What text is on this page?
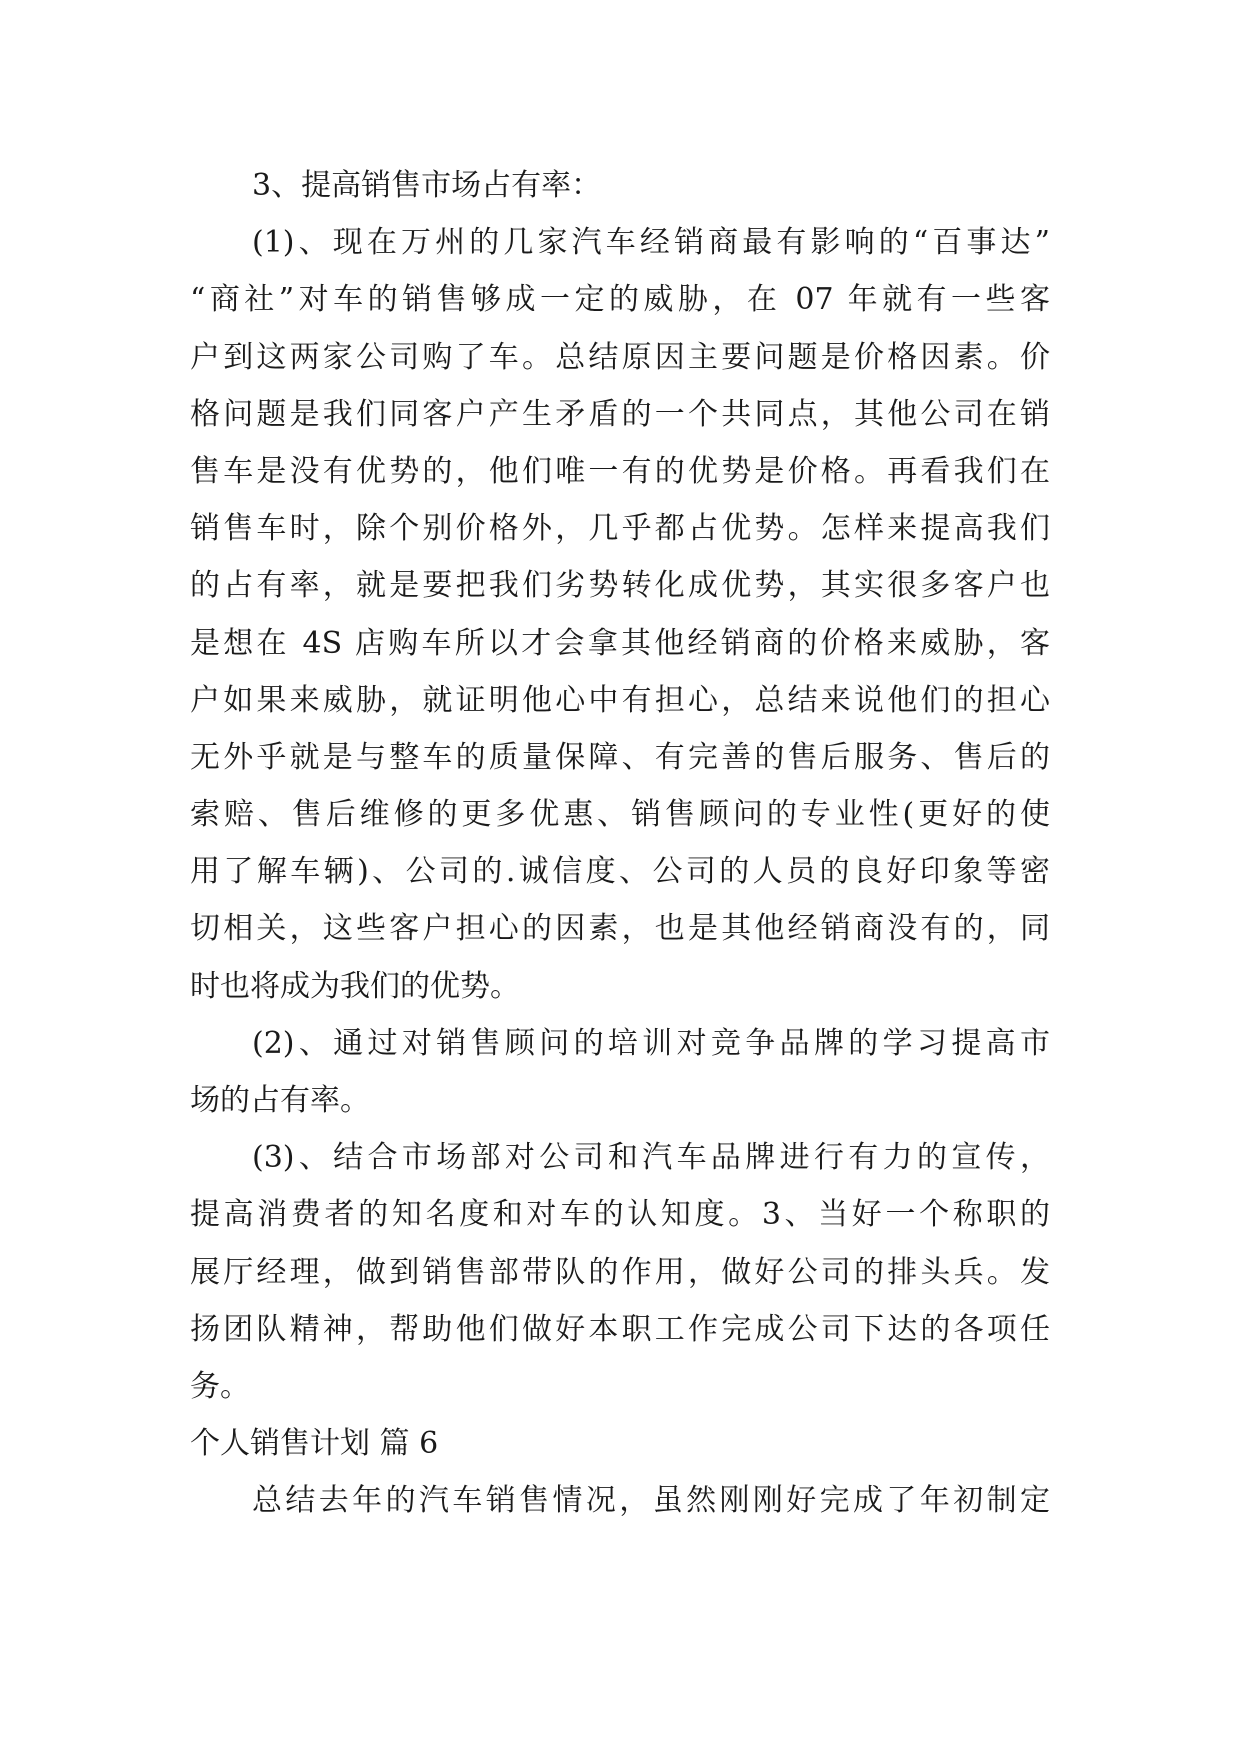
3、提高销售市场占有率：
(1)、现在万州的几家汽车经销商最有影响的“百事达”
“商社”对车的销售够成一定的威胁，在 07 年就有一些客
户到这两家公司购了车。总结原因主要问题是价格因素。价
格问题是我们同客户产生矛盾的一个共同点，其他公司在销
售车是没有优势的，他们唯一有的优势是价格。再看我们在
销售车时，除个别价格外，几乎都占优势。怎样来提高我们
的占有率，就是要把我们劣势转化成优势，其实很多客户也
是想在 4S 店购车所以才会拿其他经销商的价格来威胁，客
户如果来威胁，就证明他心中有担心，总结来说他们的担心
无外乎就是与整车的质量保障、有完善的售后服务、售后的
索赔、售后维修的更多优惠、销售顾问的专业性(更好的使
用了解车辆)、公司的.诚信度、公司的人员的良好印象等密
切相关，这些客户担心的因素，也是其他经销商没有的，同
时也将成为我们的优势。
(2)、通过对销售顾问的培训对竞争品牌的学习提高市
场的占有率。
(3)、结合市场部对公司和汽车品牌进行有力的宣传，
提高消费者的知名度和对车的认知度。3、当好一个称职的
展厅经理，做到销售部带队的作用，做好公司的排头兵。发
扬团队精神，帮助他们做好本职工作完成公司下达的各项任
务。
个人销售计划 篇 6
总结去年的汽车销售情况，虽然刚刚好完成了年初制定
